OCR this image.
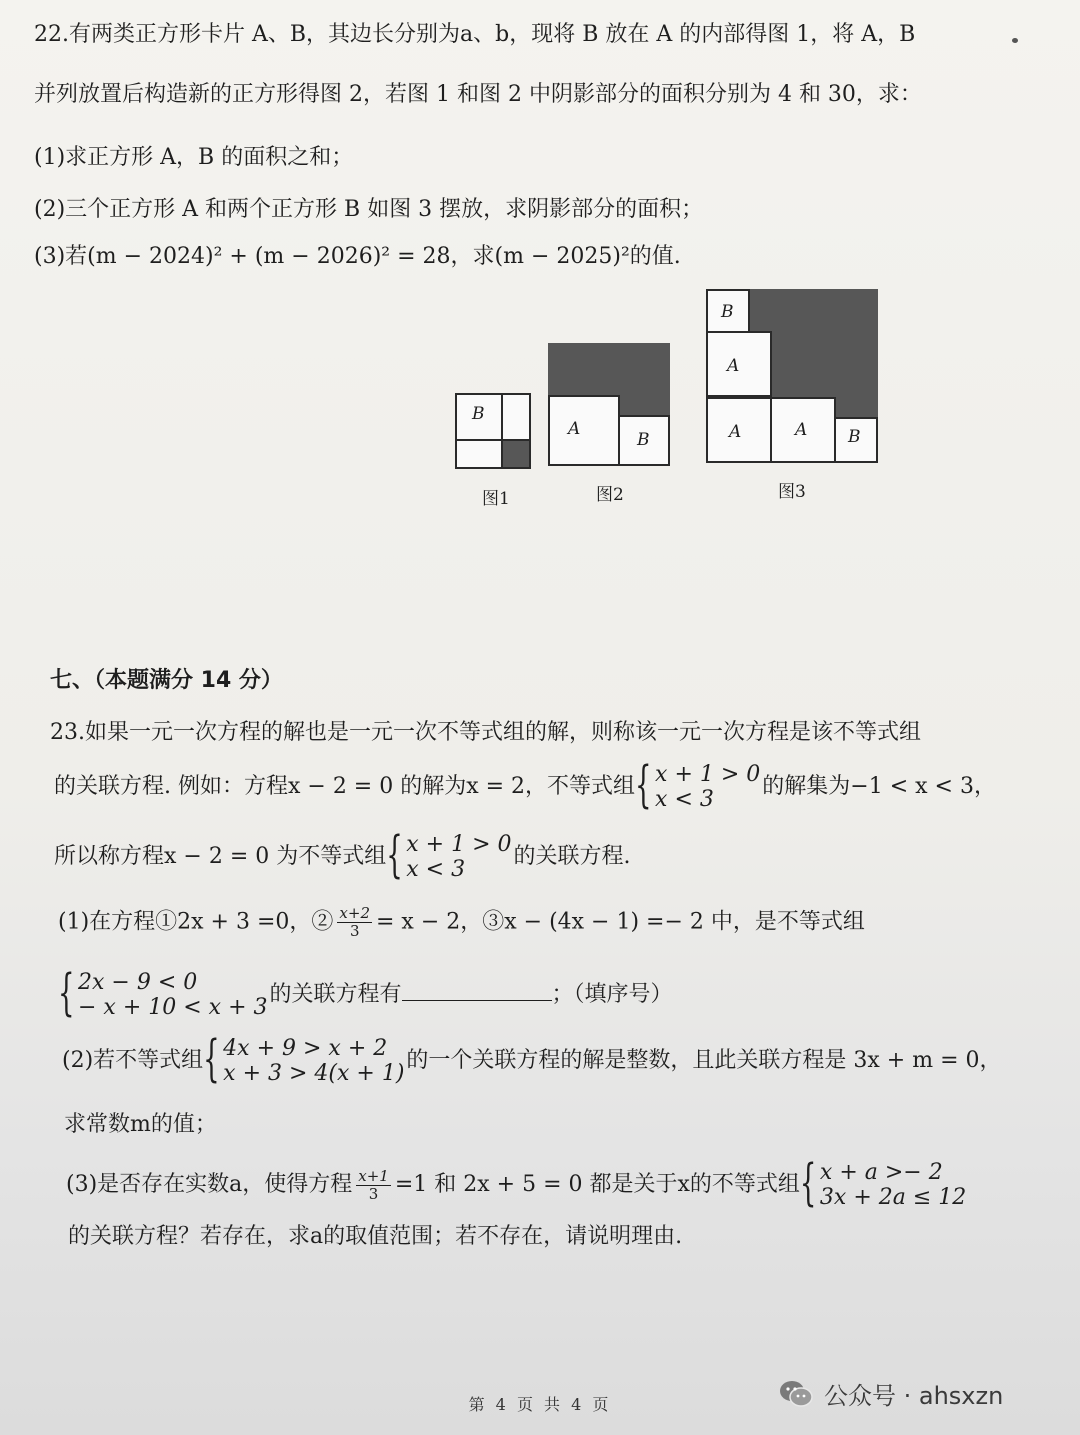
22.有两类正方形卡片 A、B，其边长分别为a、b，现将 B 放在 A 的内部得图 1，将 A，B
并列放置后构造新的正方形得图 2，若图 1 和图 2 中阴影部分的面积分别为 4 和 30，求：
(1)求正方形 A，B 的面积之和；
(2)三个正方形 A 和两个正方形 B 如图 3 摆放，求阴影部分的面积；
(3)若(m − 2024)² + (m − 2026)² = 28，求(m − 2025)²的值.
B
图1
A
B
图2
B
A
A	A B
图3
七、（本题满分 14 分）
23.如果一元一次方程的解也是一元一次不等式组的解，则称该一元一次方程是该不等式组
的关联方程. 例如：方程x − 2 = 0 的解为x = 2，不等式组 { x + 1 > 0
x < 3
的解集为−1 < x < 3，
所以称方程x − 2 = 0 为不等式组 { x + 1 > 0
x < 3
的关联方程.
(1)在方程①2x + 3 =0，② $\frac{x+2}{3} = x - 2$，③x − (4x − 1) =− 2 中，是不等式组
{ 2x − 9 < 0
− x + 10 < x + 3
的关联方程有	；（填序号）
(2)若不等式组 { 4x + 9 > x + 2
x + 3 > 4(x + 1)
的一个关联方程的解是整数，且此关联方程是 3x + m = 0，
求常数m的值；
(3)是否存在实数a，使得方程 $\frac{x+1}{3} =1$ 和 2x + 5 = 0 都是关于x的不等式组 { x + a >− 2
3x + 2a ≤ 12
的关联方程？若存在，求a的取值范围；若不存在，请说明理由.
第 4 页 共 4 页	公众号 · ahsxzn
